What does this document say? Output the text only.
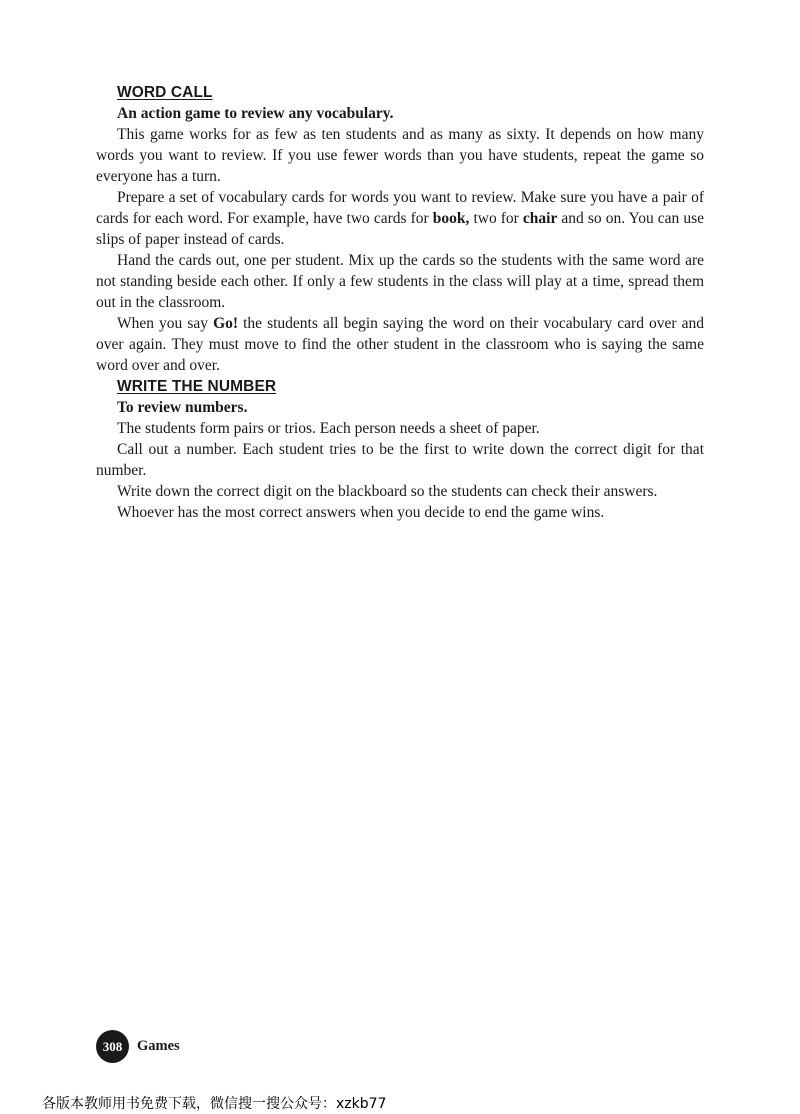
WORD CALL
An action game to review any vocabulary.

This game works for as few as ten students and as many as sixty. It depends on how many words you want to review. If you use fewer words than you have students, repeat the game so everyone has a turn.

Prepare a set of vocabulary cards for words you want to review. Make sure you have a pair of cards for each word. For example, have two cards for book, two for chair and so on. You can use slips of paper instead of cards.

Hand the cards out, one per student. Mix up the cards so the students with the same word are not standing beside each other. If only a few students in the class will play at a time, spread them out in the classroom.

When you say Go! the students all begin saying the word on their vocabulary card over and over again. They must move to find the other student in the classroom who is saying the same word over and over.

WRITE THE NUMBER
To review numbers.

The students form pairs or trios. Each person needs a sheet of paper.

Call out a number. Each student tries to be the first to write down the correct digit for that number.

Write down the correct digit on the blackboard so the students can check their answers.

Whoever has the most correct answers when you decide to end the game wins.

308	Games
各版本教师用书免费下载，微信搜一搜公众号：xzkb77
